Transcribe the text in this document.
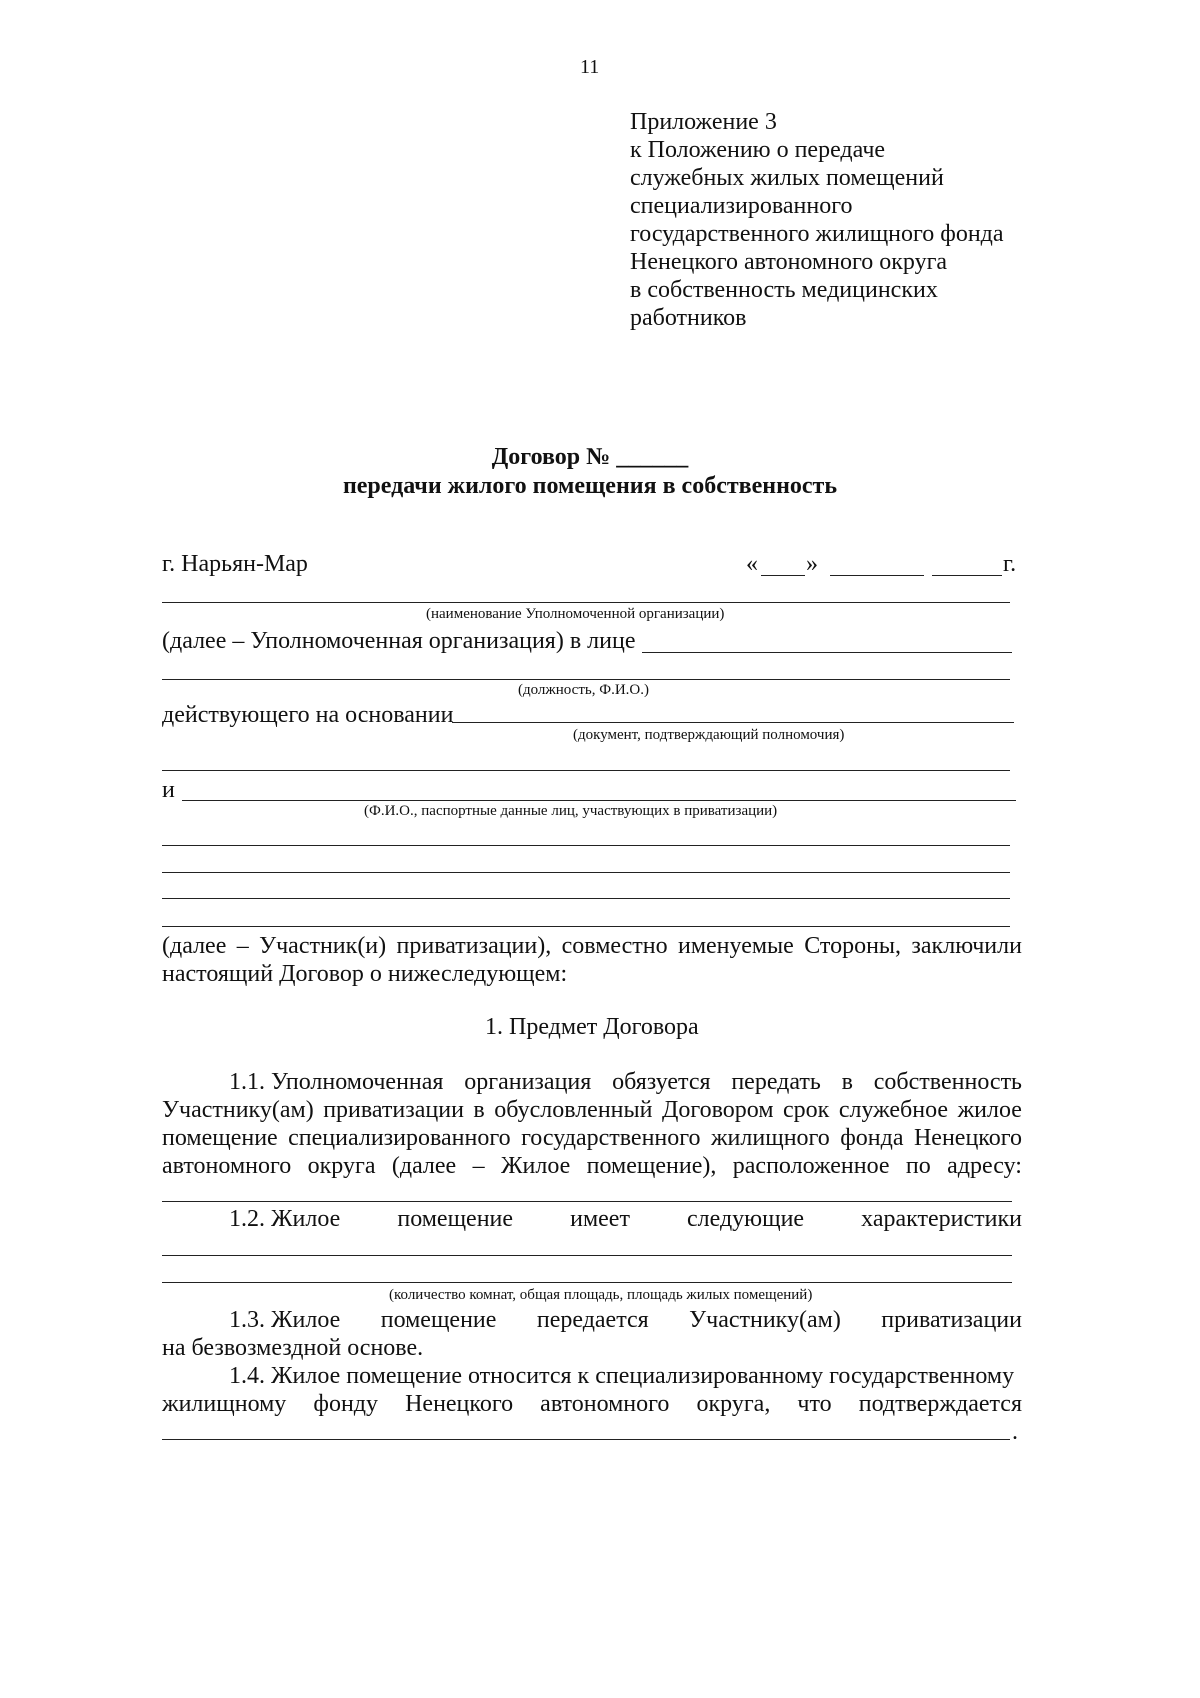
11
Приложение 3
к Положению о передаче
служебных жилых помещений
специализированного
государственного жилищного фонда
Ненецкого автономного округа
в собственность медицинских
работников
Договор № ______
передачи жилого помещения в собственность
г. Нарьян-Мар	« »	г.
(наименование Уполномоченной организации)
(далее – Уполномоченная организация) в лице
(должность, Ф.И.О.)
действующего на основании
(документ, подтверждающий полномочия)
и
(Ф.И.О., паспортные данные лиц, участвующих в приватизации)
(далее – Участник(и) приватизации), совместно именуемые Стороны, заключили
настоящий Договор о нижеследующем:
1. Предмет Договора
1.1. Уполномоченная организация обязуется передать в собственность
Участнику(ам) приватизации в обусловленный Договором срок служебное жилое
помещение специализированного государственного жилищного фонда Ненецкого
автономного округа (далее – Жилое помещение), расположенное по адресу:
1.2. Жилое помещение имеет следующие характеристики
(количество комнат, общая площадь, площадь жилых помещений)
1.3. Жилое помещение передается Участнику(ам) приватизации
на безвозмездной основе.
1.4. Жилое помещение относится к специализированному государственному
жилищному фонду Ненецкого автономного округа, что подтверждается
.
